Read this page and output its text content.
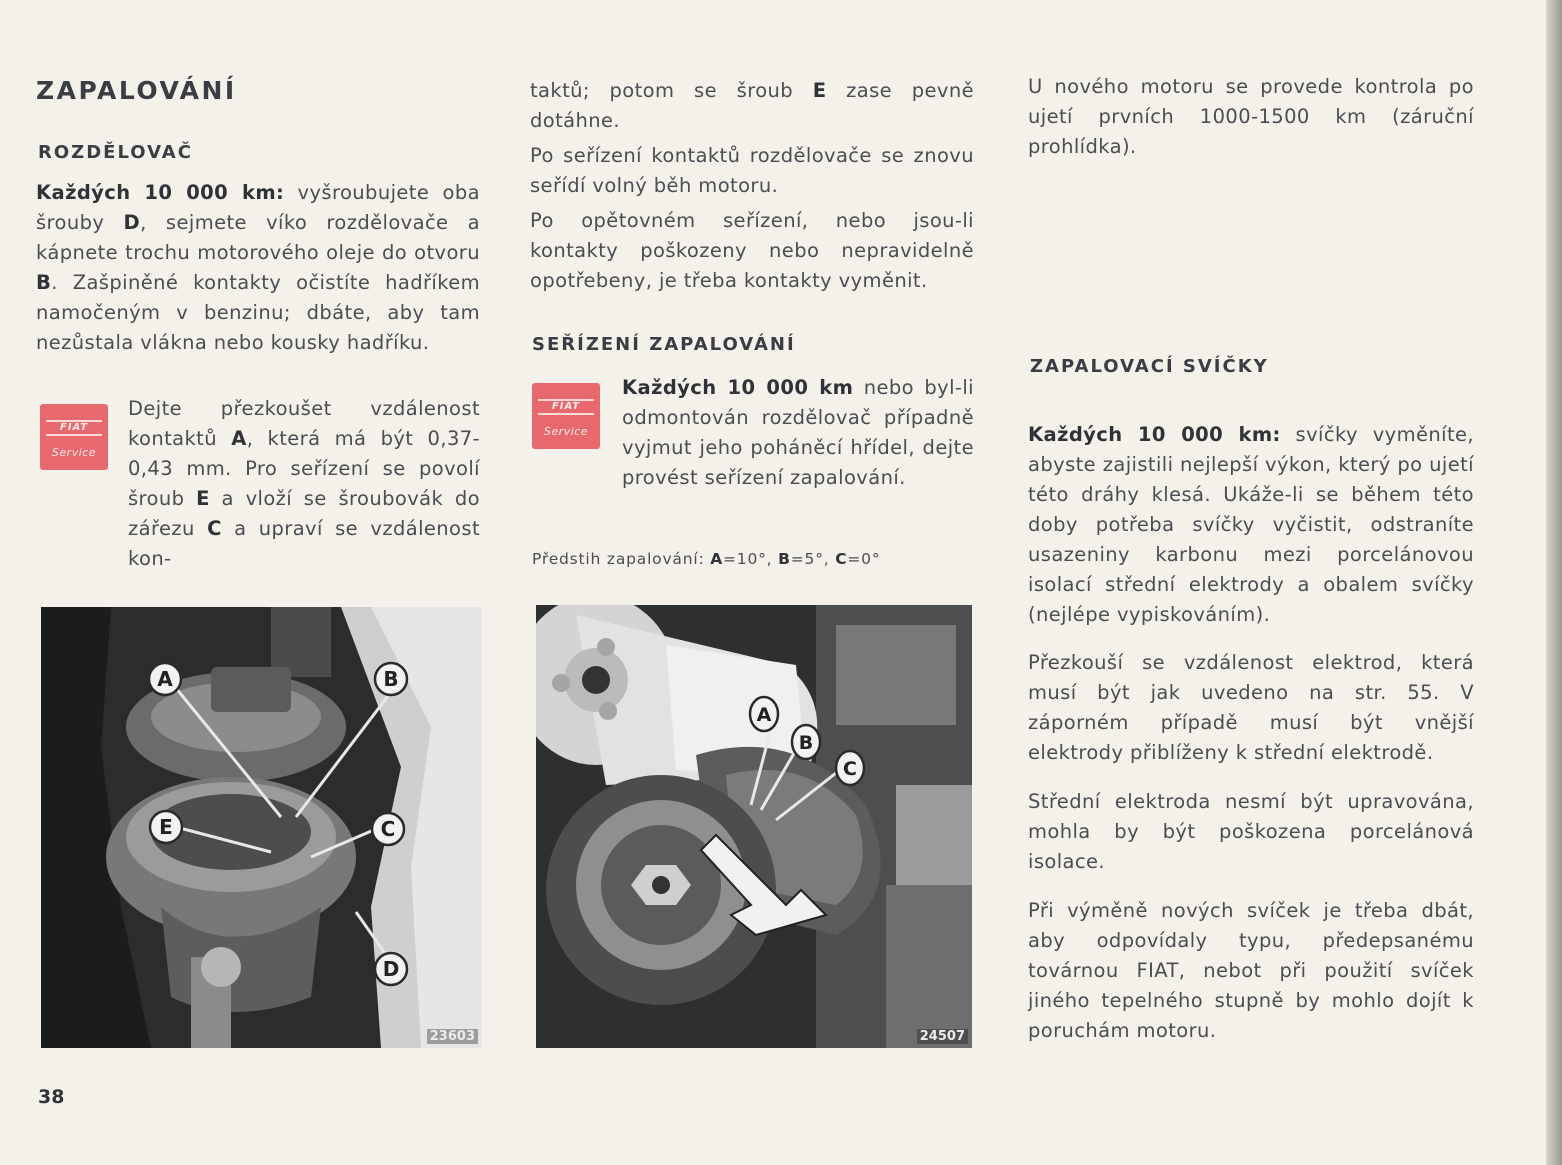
ZAPALOVÁNÍ
ROZDĚLOVAČ

Každých 10 000 km: vyšroubujete oba šrouby D, sejmete víko rozdělovače a kápnete trochu motorového oleje do otvoru B. Zašpiněné kontakty očistíte hadříkem namočeným v benzinu; dbáte, aby tam nezůstala vlákna nebo kousky hadříku.

FIAT
Service

Dejte přezkoušet vzdálenost kontaktů A, která má být 0,37-0,43 mm. Pro seřízení se povolí šroub E a vloží se šroubovák do zářezu C a upraví se vzdálenost kon-

A	B
E	C
D
23603

taktů; potom se šroub E zase pevně dotáhne.

Po seřízení kontaktů rozdělovače se znovu seřídí volný běh motoru.

Po opětovném seřízení, nebo jsou-li kontakty poškozeny nebo nepravidelně opotřebeny, je třeba kontakty vyměnit.

SEŘÍZENÍ ZAPALOVÁNÍ
FIAT
Service

Každých 10 000 km nebo byl-li odmontován rozdělovač případně vyjmut jeho poháněcí hřídel, dejte provést seřízení zapalování.

Předstih zapalování: A=10°, B=5°, C=0°

A
B
C
24507

U nového motoru se provede kontrola po ujetí prvních 1000-1500 km (záruční prohlídka).

ZAPALOVACÍ SVÍČKY

Každých 10 000 km: svíčky vyměníte, abyste zajistili nejlepší výkon, který po ujetí této dráhy klesá. Ukáže-li se během této doby potřeba svíčky vyčistit, odstraníte usazeniny karbonu mezi porcelánovou isolací střední elektrody a obalem svíčky (nejlépe vypiskováním).

Přezkouší se vzdálenost elektrod, která musí být jak uvedeno na str. 55. V záporném případě musí být vnější elektrody přiblíženy k střední elektrodě.

Střední elektroda nesmí být upravována, mohla by být poškozena porcelánová isolace.

Při výměně nových svíček je třeba dbát, aby odpovídaly typu, předepsanému továrnou FIAT, nebot při použití svíček jiného tepelného stupně by mohlo dojít k poruchám motoru.

38
